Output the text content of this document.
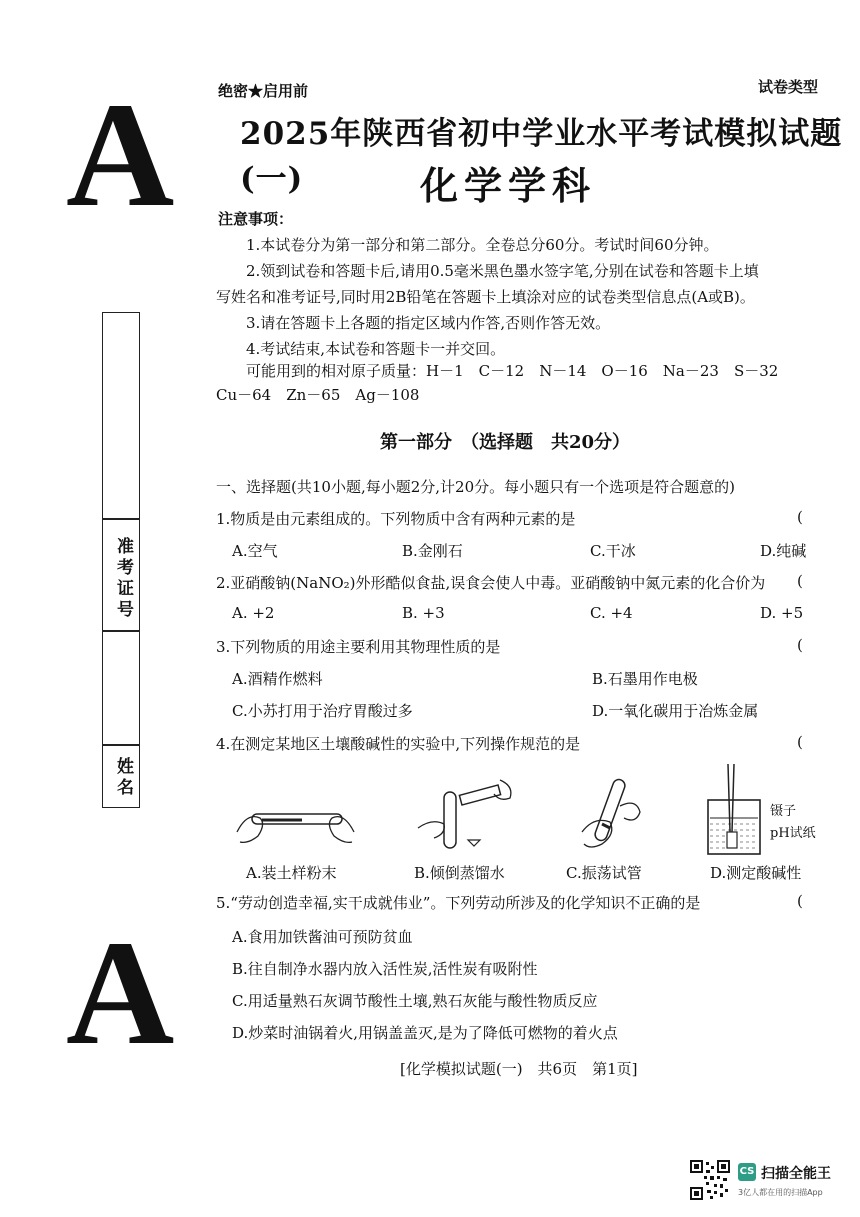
A
A
绝密★启用前	试卷类型
2025年陕西省初中学业水平考试模拟试题(一)	化学学科
准考证号
姓名
注意事项：
1.本试卷分为第一部分和第二部分。全卷总分60分。考试时间60分钟。
2.领到试卷和答题卡后,请用0.5毫米黑色墨水签字笔,分别在试卷和答题卡上填
写姓名和准考证号,同时用2B铅笔在答题卡上填涂对应的试卷类型信息点(A或B)。
3.请在答题卡上各题的指定区域内作答,否则作答无效。
4.考试结束,本试卷和答题卡一并交回。
可能用到的相对原子质量：H－1　C－12　N－14　O－16　Na－23　S－32
Cu－64　Zn－65　Ag－108
第一部分　（选择题　共20分）
一、选择题(共10小题,每小题2分,计20分。每小题只有一个选项是符合题意的)
1.物质是由元素组成的。下列物质中含有两种元素的是	(
A.空气	B.金刚石	C.干冰	D.纯碱
2.亚硝酸钠(NaNO₂)外形酷似食盐,误食会使人中毒。亚硝酸钠中氮元素的化合价为 (
A. +2	B. +3	C. +4	D. +5
3.下列物质的用途主要利用其物理性质的是	(
A.酒精作燃料	B.石墨用作电极
C.小苏打用于治疗胃酸过多	D.一氧化碳用于冶炼金属
4.在测定某地区土壤酸碱性的实验中,下列操作规范的是	(
镊子
pH试纸
A.装土样粉末	B.倾倒蒸馏水	C.振荡试管	D.测定酸碱性
5.“劳动创造幸福,实干成就伟业”。下列劳动所涉及的化学知识不正确的是	(
A.食用加铁酱油可预防贫血
B.往自制净水器内放入活性炭,活性炭有吸附性
C.用适量熟石灰调节酸性土壤,熟石灰能与酸性物质反应
D.炒菜时油锅着火,用锅盖盖灭,是为了降低可燃物的着火点
[化学模拟试题(一)　共6页　第1页]
CS 扫描全能王
3亿人都在用的扫描App
